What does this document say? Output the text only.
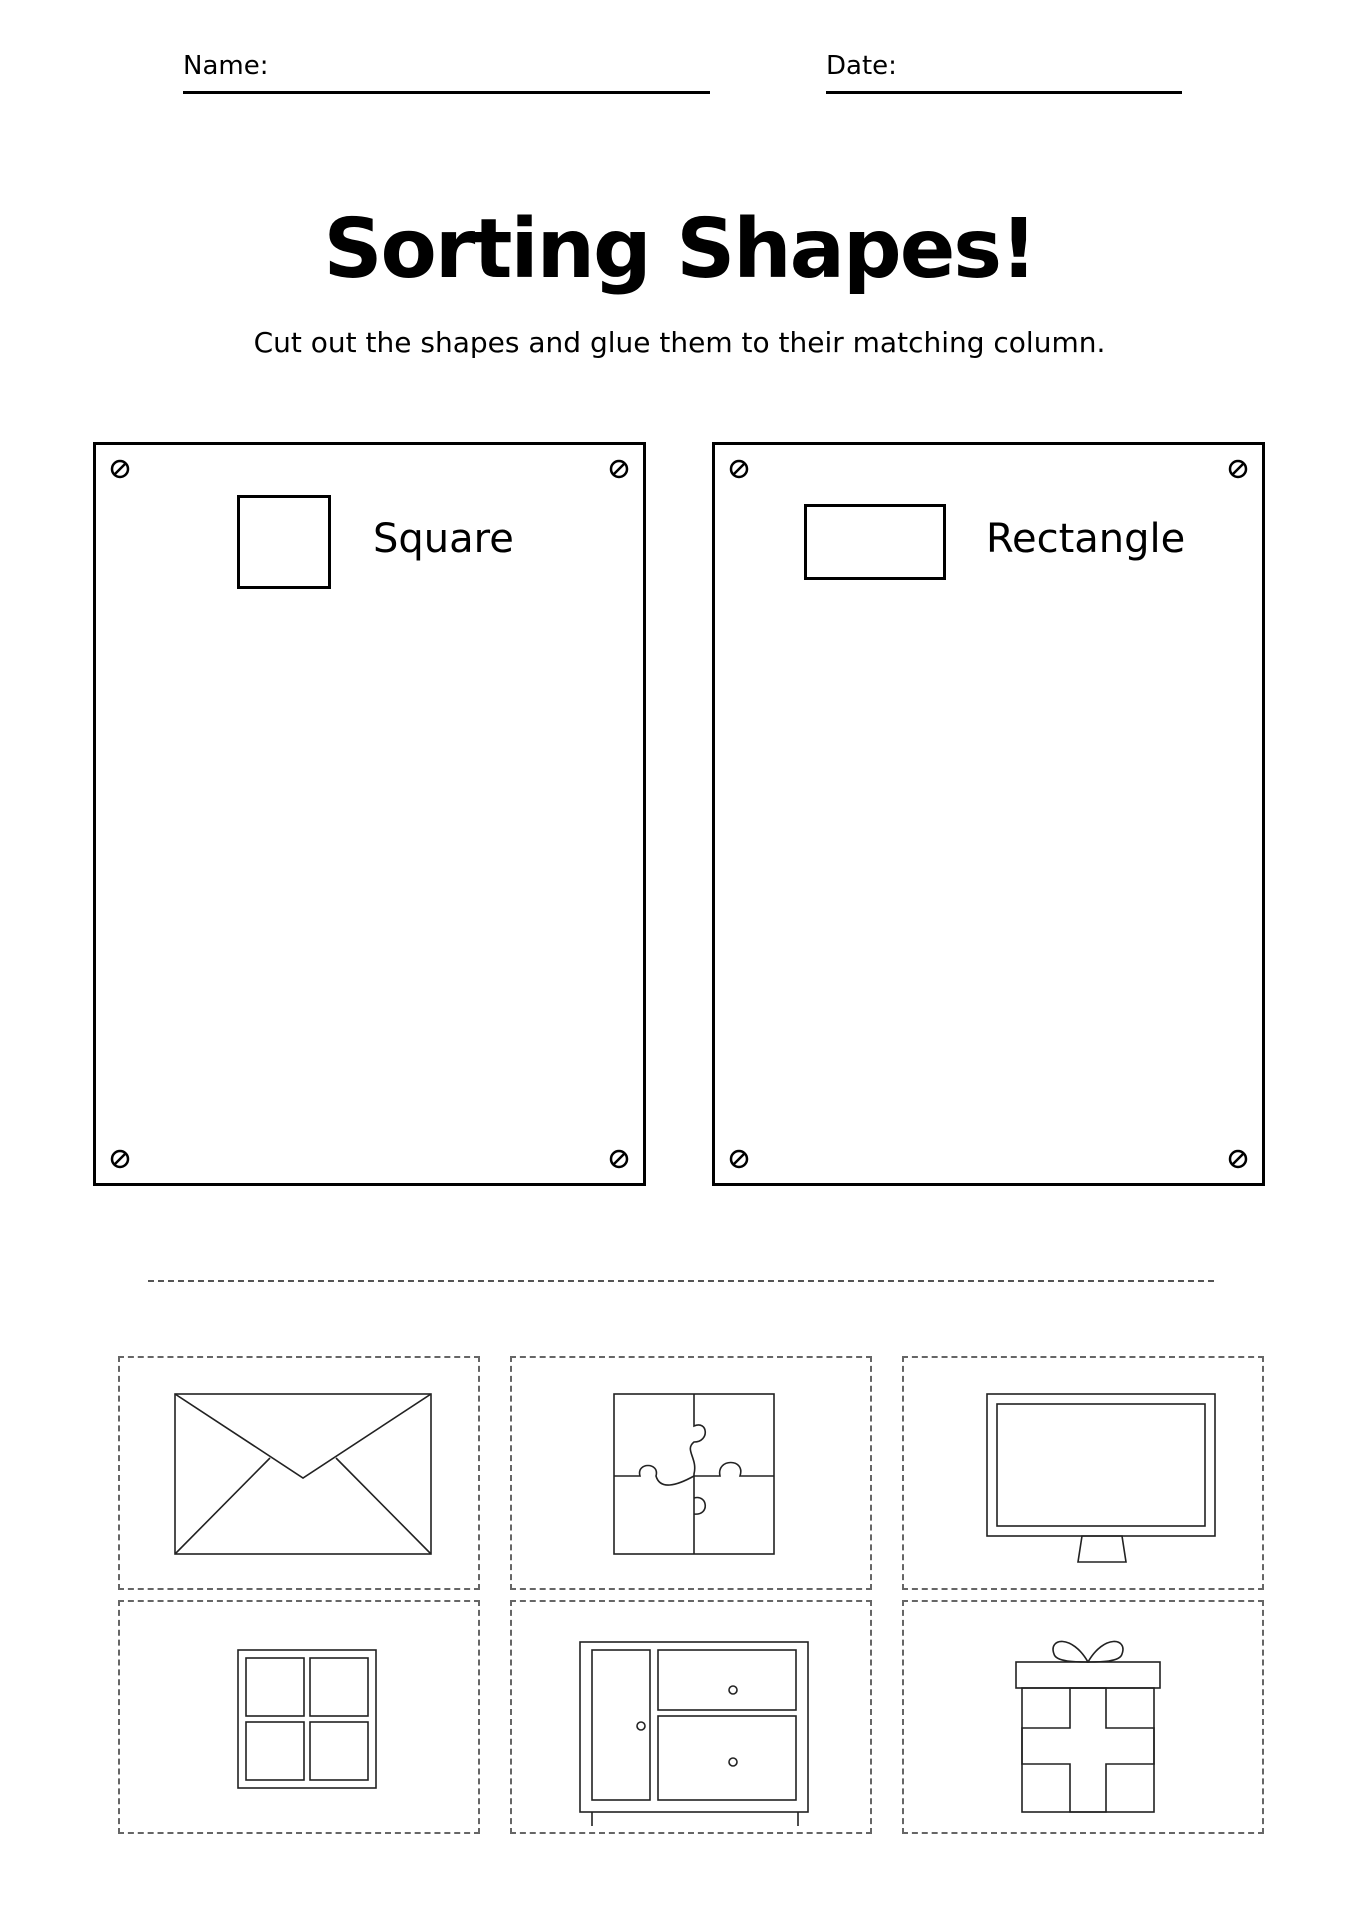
Name:	Date:
Sorting Shapes!
Cut out the shapes and glue them to their matching column.
Square	Rectangle
